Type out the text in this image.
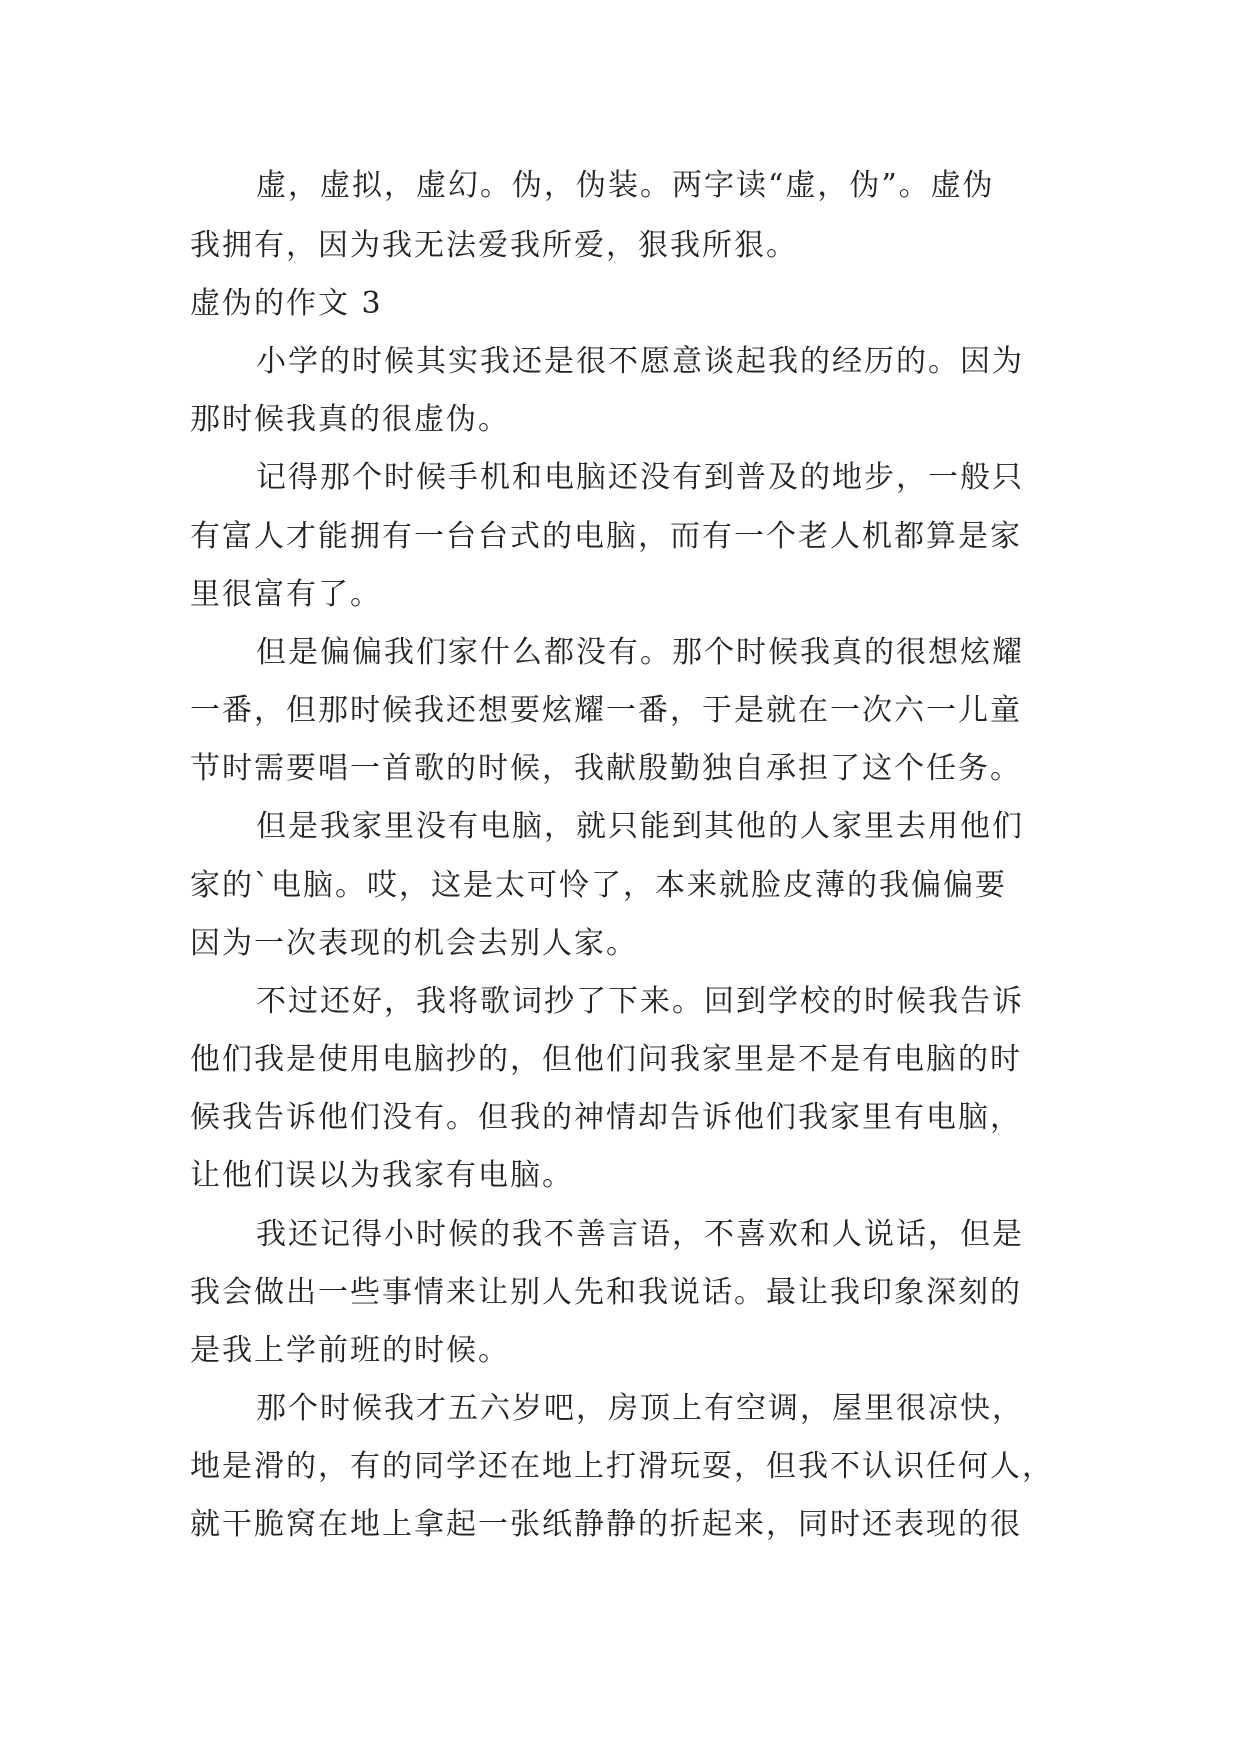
虚，虚拟，虚幻。伪，伪装。两字读“虚，伪”。虚伪
我拥有，因为我无法爱我所爱，狠我所狠。
虚伪的作文 3
小学的时候其实我还是很不愿意谈起我的经历的。因为
那时候我真的很虚伪。
记得那个时候手机和电脑还没有到普及的地步，一般只
有富人才能拥有一台台式的电脑，而有一个老人机都算是家
里很富有了。
但是偏偏我们家什么都没有。那个时候我真的很想炫耀
一番，但那时候我还想要炫耀一番，于是就在一次六一儿童
节时需要唱一首歌的时候，我献殷勤独自承担了这个任务。
但是我家里没有电脑，就只能到其他的人家里去用他们
家的`电脑。哎，这是太可怜了，本来就脸皮薄的我偏偏要
因为一次表现的机会去别人家。
不过还好，我将歌词抄了下来。回到学校的时候我告诉
他们我是使用电脑抄的，但他们问我家里是不是有电脑的时
候我告诉他们没有。但我的神情却告诉他们我家里有电脑，
让他们误以为我家有电脑。
我还记得小时候的我不善言语，不喜欢和人说话，但是
我会做出一些事情来让别人先和我说话。最让我印象深刻的
是我上学前班的时候。
那个时候我才五六岁吧，房顶上有空调，屋里很凉快，
地是滑的，有的同学还在地上打滑玩耍，但我不认识任何人，
就干脆窝在地上拿起一张纸静静的折起来，同时还表现的很
